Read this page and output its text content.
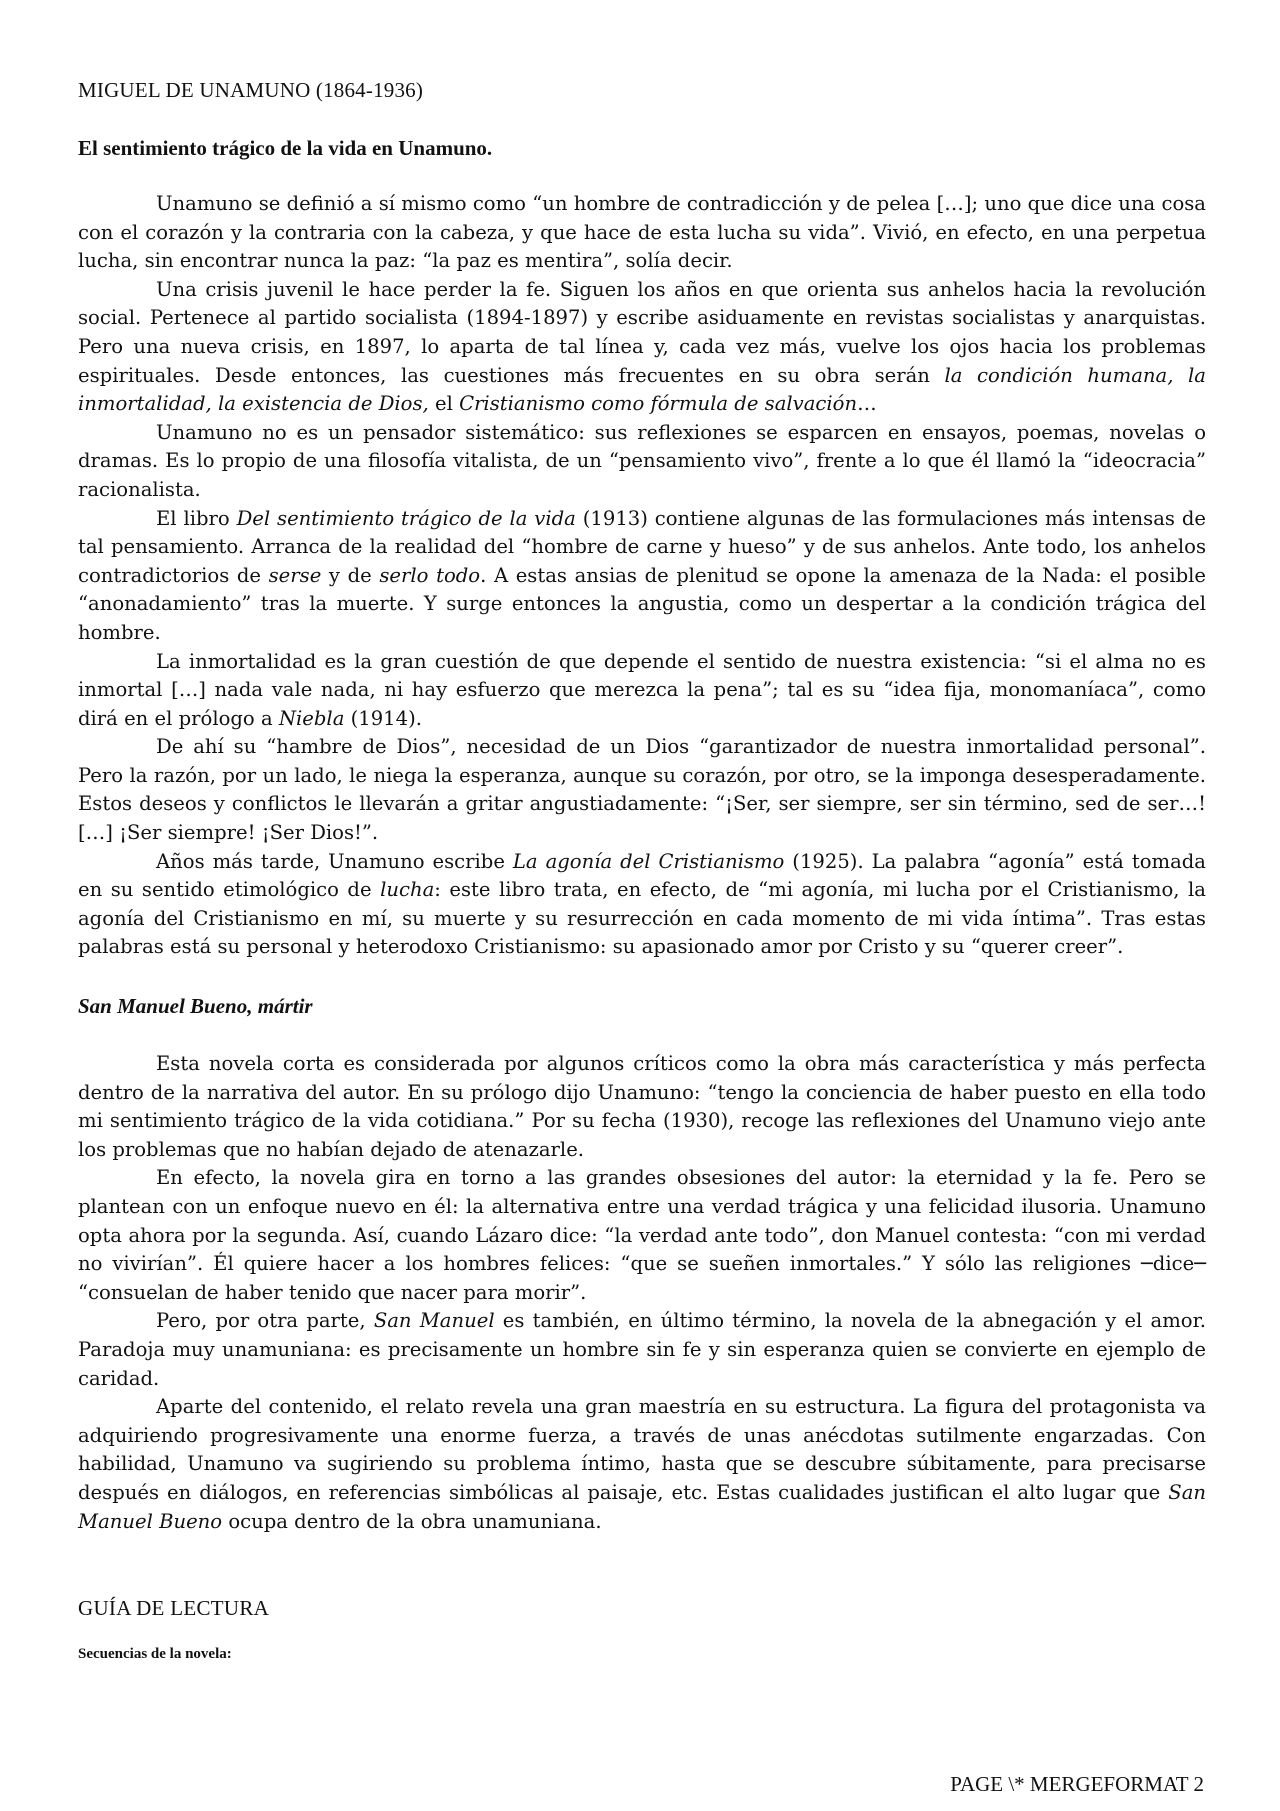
MIGUEL DE UNAMUNO (1864-1936)

El sentimiento trágico de la vida en Unamuno.

Unamuno se definió a sí mismo como “un hombre de contradicción y de pelea […]; uno que dice una cosa con el corazón y la contraria con la cabeza, y que hace de esta lucha su vida”. Vivió, en efecto, en una perpetua lucha, sin encontrar nunca la paz: “la paz es mentira”, solía decir.

Una crisis juvenil le hace perder la fe. Siguen los años en que orienta sus anhelos hacia la revolución social. Pertenece al partido socialista (1894-1897) y escribe asiduamente en revistas socialistas y anarquistas. Pero una nueva crisis, en 1897, lo aparta de tal línea y, cada vez más, vuelve los ojos hacia los problemas espirituales. Desde entonces, las cuestiones más frecuentes en su obra serán la condición humana, la inmortalidad, la existencia de Dios, el Cristianismo como fórmula de salvación…

Unamuno no es un pensador sistemático: sus reflexiones se esparcen en ensayos, poemas, novelas o dramas. Es lo propio de una filosofía vitalista, de un “pensamiento vivo”, frente a lo que él llamó la “ideocracia” racionalista.

El libro Del sentimiento trágico de la vida (1913) contiene algunas de las formulaciones más intensas de tal pensamiento. Arranca de la realidad del “hombre de carne y hueso” y de sus anhelos. Ante todo, los anhelos contradictorios de serse y de serlo todo. A estas ansias de plenitud se opone la amenaza de la Nada: el posible “anonadamiento” tras la muerte. Y surge entonces la angustia, como un despertar a la condición trágica del hombre.

La inmortalidad es la gran cuestión de que depende el sentido de nuestra existencia: “si el alma no es inmortal […] nada vale nada, ni hay esfuerzo que merezca la pena”; tal es su “idea fija, monomaníaca”, como dirá en el prólogo a Niebla (1914).

De ahí su “hambre de Dios”, necesidad de un Dios “garantizador de nuestra inmortalidad personal”. Pero la razón, por un lado, le niega la esperanza, aunque su corazón, por otro, se la imponga desesperadamente. Estos deseos y conflictos le llevarán a gritar angustiadamente: “¡Ser, ser siempre, ser sin término, sed de ser…! […] ¡Ser siempre! ¡Ser Dios!”.

Años más tarde, Unamuno escribe La agonía del Cristianismo (1925). La palabra “agonía” está tomada en su sentido etimológico de lucha: este libro trata, en efecto, de “mi agonía, mi lucha por el Cristianismo, la agonía del Cristianismo en mí, su muerte y su resurrección en cada momento de mi vida íntima”. Tras estas palabras está su personal y heterodoxo Cristianismo: su apasionado amor por Cristo y su “querer creer”.

San Manuel Bueno, mártir

Esta novela corta es considerada por algunos críticos como la obra más característica y más perfecta dentro de la narrativa del autor. En su prólogo dijo Unamuno: “tengo la conciencia de haber puesto en ella todo mi sentimiento trágico de la vida cotidiana.” Por su fecha (1930), recoge las reflexiones del Unamuno viejo ante los problemas que no habían dejado de atenazarle.

En efecto, la novela gira en torno a las grandes obsesiones del autor: la eternidad y la fe. Pero se plantean con un enfoque nuevo en él: la alternativa entre una verdad trágica y una felicidad ilusoria. Unamuno opta ahora por la segunda. Así, cuando Lázaro dice: “la verdad ante todo”, don Manuel contesta: “con mi verdad no vivirían”. Él quiere hacer a los hombres felices: “que se sueñen inmortales.” Y sólo las religiones ─dice─ “consuelan de haber tenido que nacer para morir”.

Pero, por otra parte, San Manuel es también, en último término, la novela de la abnegación y el amor. Paradoja muy unamuniana: es precisamente un hombre sin fe y sin esperanza quien se convierte en ejemplo de caridad.

Aparte del contenido, el relato revela una gran maestría en su estructura. La figura del protagonista va adquiriendo progresivamente una enorme fuerza, a través de unas anécdotas sutilmente engarzadas. Con habilidad, Unamuno va sugiriendo su problema íntimo, hasta que se descubre súbitamente, para precisarse después en diálogos, en referencias simbólicas al paisaje, etc. Estas cualidades justifican el alto lugar que San Manuel Bueno ocupa dentro de la obra unamuniana.

GUÍA DE LECTURA

Secuencias de la novela:

PAGE \* MERGEFORMAT 2
